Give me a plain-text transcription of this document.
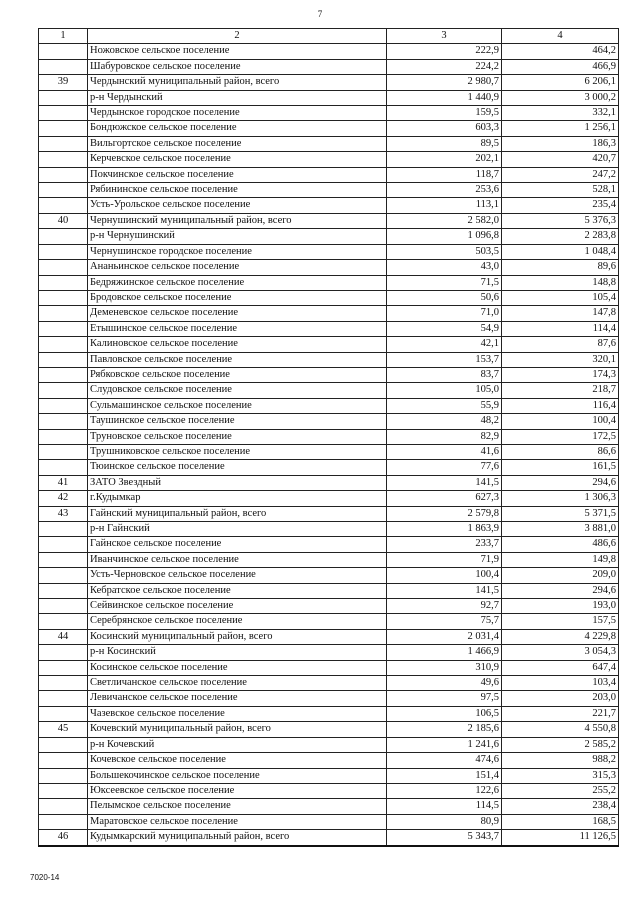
7
1	2	3	4
	Ножовское сельское поселение	222,9	464,2
	Шабуровское сельское поселение	224,2	466,9
39	Чердынский муниципальный район, всего	2 980,7	6 206,1
	р-н Чердынский	1 440,9	3 000,2
	Чердынское городское поселение	159,5	332,1
	Бондюжское сельское поселение	603,3	1 256,1
	Вильгортское сельское поселение	89,5	186,3
	Керчевское сельское поселение	202,1	420,7
	Покчинское сельское поселение	118,7	247,2
	Рябининское сельское поселение	253,6	528,1
	Усть-Урольское сельское поселение	113,1	235,4
40	Чернушинский муниципальный район, всего	2 582,0	5 376,3
	р-н Чернушинский	1 096,8	2 283,8
	Чернушинское городское поселение	503,5	1 048,4
	Ананьинское сельское поселение	43,0	89,6
	Бедряжинское сельское поселение	71,5	148,8
	Бродовское сельское поселение	50,6	105,4
	Деменевское сельское поселение	71,0	147,8
	Етышинское сельское поселение	54,9	114,4
	Калиновское сельское поселение	42,1	87,6
	Павловское сельское поселение	153,7	320,1
	Рябковское сельское поселение	83,7	174,3
	Слудовское сельское поселение	105,0	218,7
	Сульмашинское сельское поселение	55,9	116,4
	Таушинское сельское поселение	48,2	100,4
	Труновское сельское поселение	82,9	172,5
	Трушниковское сельское поселение	41,6	86,6
	Тюинское сельское поселение	77,6	161,5
41	ЗАТО Звездный	141,5	294,6
42	г.Кудымкар	627,3	1 306,3
43	Гайнский муниципальный район, всего	2 579,8	5 371,5
	р-н Гайнский	1 863,9	3 881,0
	Гайнское сельское поселение	233,7	486,6
	Иванчинское сельское поселение	71,9	149,8
	Усть-Черновское сельское поселение	100,4	209,0
	Кебратское сельское поселение	141,5	294,6
	Сейвинское сельское поселение	92,7	193,0
	Серебрянское сельское поселение	75,7	157,5
44	Косинский муниципальный район, всего	2 031,4	4 229,8
	р-н Косинский	1 466,9	3 054,3
	Косинское сельское поселение	310,9	647,4
	Светличанское сельское поселение	49,6	103,4
	Левичанское сельское поселение	97,5	203,0
	Чазевское сельское поселение	106,5	221,7
45	Кочевский муниципальный район, всего	2 185,6	4 550,8
	р-н Кочевский	1 241,6	2 585,2
	Кочевское сельское поселение	474,6	988,2
	Большекочинское сельское поселение	151,4	315,3
	Юксеевское сельское поселение	122,6	255,2
	Пелымское сельское поселение	114,5	238,4
	Маратовское сельское поселение	80,9	168,5
46	Кудымкарский муниципальный район, всего	5 343,7	11 126,5
7020-14
